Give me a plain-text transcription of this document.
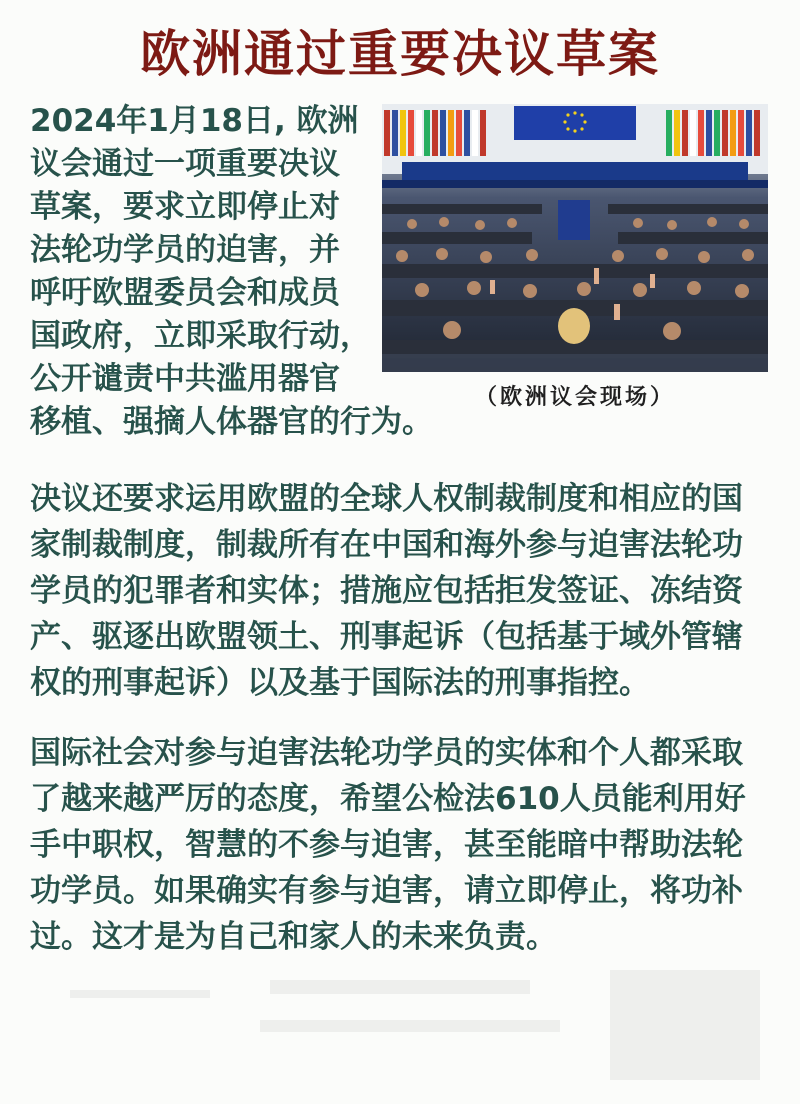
欧洲通过重要决议草案
2024年1月18日, 欧洲
议会通过一项重要决议
草案，要求立即停止对
法轮功学员的迫害，并
呼吁欧盟委员会和成员
国政府，立即采取行动，
公开谴责中共滥用器官
移植、强摘人体器官的行为。
（欧洲议会现场）
决议还要求运用欧盟的全球人权制裁制度和相应的国
家制裁制度，制裁所有在中国和海外参与迫害法轮功
学员的犯罪者和实体；措施应包括拒发签证、冻结资
产、驱逐出欧盟领土、刑事起诉（包括基于域外管辖
权的刑事起诉）以及基于国际法的刑事指控。
国际社会对参与迫害法轮功学员的实体和个人都采取
了越来越严厉的态度，希望公检法610人员能利用好
手中职权，智慧的不参与迫害，甚至能暗中帮助法轮
功学员。如果确实有参与迫害，请立即停止，将功补
过。这才是为自己和家人的未来负责。
